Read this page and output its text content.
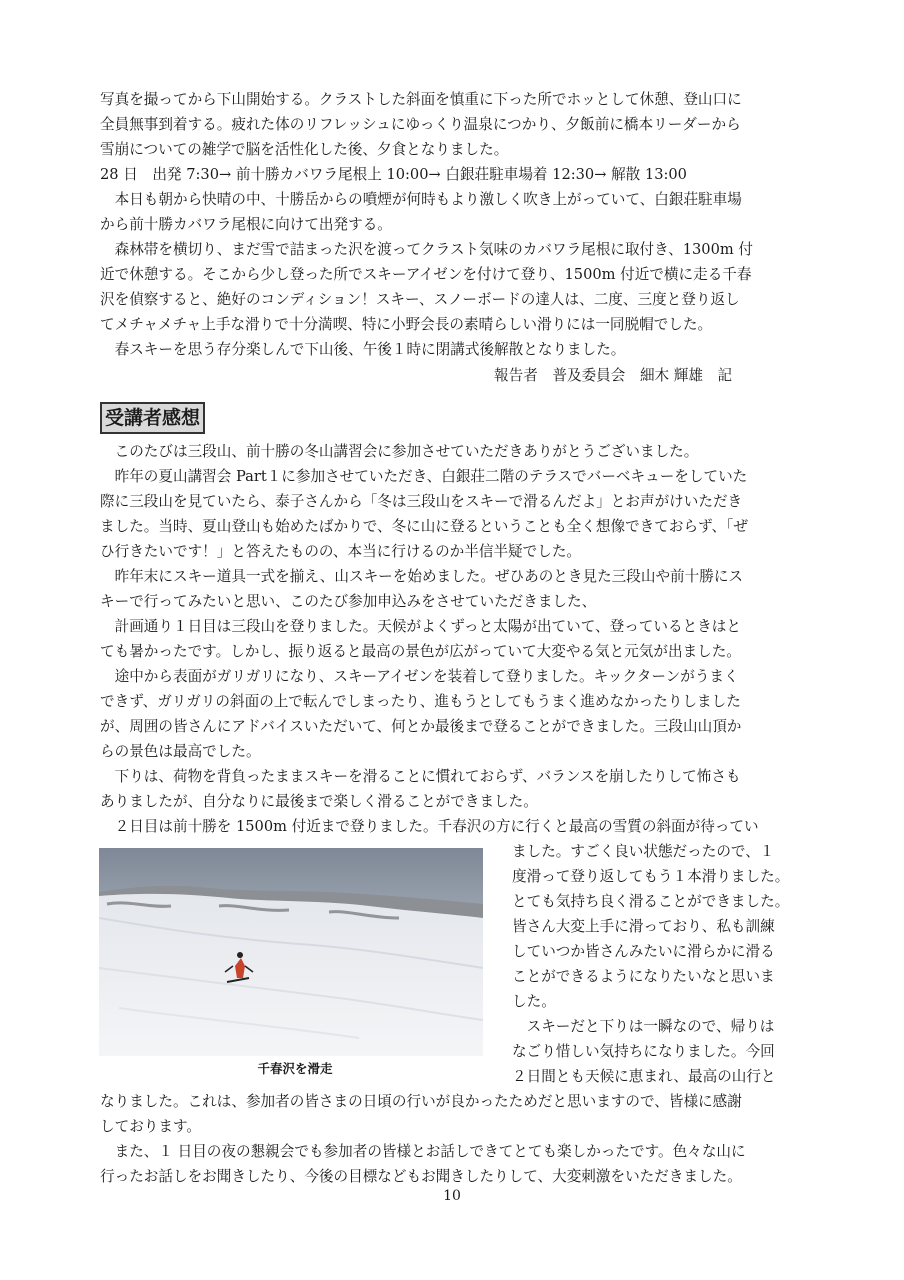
写真を撮ってから下山開始する。クラストした斜面を慎重に下った所でホッとして休憩、登山口に
全員無事到着する。疲れた体のリフレッシュにゆっくり温泉につかり、夕飯前に橋本リーダーから
雪崩についての雑学で脳を活性化した後、夕食となりました。
28 日　出発 7:30→ 前十勝カバワラ尾根上 10:00→ 白銀荘駐車場着 12:30→ 解散 13:00
　本日も朝から快晴の中、十勝岳からの噴煙が何時もより激しく吹き上がっていて、白銀荘駐車場
から前十勝カバワラ尾根に向けて出発する。
　森林帯を横切り、まだ雪で詰まった沢を渡ってクラスト気味のカバワラ尾根に取付き、1300m 付
近で休憩する。そこから少し登った所でスキーアイゼンを付けて登り、1500m 付近で横に走る千春
沢を偵察すると、絶好のコンディション！スキー、スノーボードの達人は、二度、三度と登り返し
てメチャメチャ上手な滑りで十分満喫、特に小野会長の素晴らしい滑りには一同脱帽でした。
　春スキーを思う存分楽しんで下山後、午後１時に閉講式後解散となりました。
報告者　普及委員会　細木 輝雄　記
受講者感想
　このたびは三段山、前十勝の冬山講習会に参加させていただきありがとうございました。
　昨年の夏山講習会 Part１に参加させていただき、白銀荘二階のテラスでバーベキューをしていた
際に三段山を見ていたら、泰子さんから「冬は三段山をスキーで滑るんだよ」とお声がけいただき
ました。当時、夏山登山も始めたばかりで、冬に山に登るということも全く想像できておらず、「ぜ
ひ行きたいです！」と答えたものの、本当に行けるのか半信半疑でした。
　昨年末にスキー道具一式を揃え、山スキーを始めました。ぜひあのとき見た三段山や前十勝にス
キーで行ってみたいと思い、このたび参加申込みをさせていただきました、
　計画通り１日目は三段山を登りました。天候がよくずっと太陽が出ていて、登っているときはと
ても暑かったです。しかし、振り返ると最高の景色が広がっていて大変やる気と元気が出ました。
　途中から表面がガリガリになり、スキーアイゼンを装着して登りました。キックターンがうまく
できず、ガリガリの斜面の上で転んでしまったり、進もうとしてもうまく進めなかったりしました
が、周囲の皆さんにアドバイスいただいて、何とか最後まで登ることができました。三段山山頂か
らの景色は最高でした。
　下りは、荷物を背負ったままスキーを滑ることに慣れておらず、バランスを崩したりして怖さも
ありましたが、自分なりに最後まで楽しく滑ることができました。
　２日目は前十勝を 1500m 付近まで登りました。千春沢の方に行くと最高の雪質の斜面が待ってい
ました。すごく良い状態だったので、１
度滑って登り返してもう１本滑りました。
とても気持ち良く滑ることができました。
皆さん大変上手に滑っており、私も訓練
していつか皆さんみたいに滑らかに滑る
ことができるようになりたいなと思いま
した。
　スキーだと下りは一瞬なので、帰りは
なごり惜しい気持ちになりました。今回
２日間とも天候に恵まれ、最高の山行と
なりました。これは、参加者の皆さまの日頃の行いが良かったためだと思いますので、皆様に感謝
しております。
　また、１ 日目の夜の懇親会でも参加者の皆様とお話しできてとても楽しかったです。色々な山に
行ったお話しをお聞きしたり、今後の目標などもお聞きしたりして、大変刺激をいただきました。
千春沢を滑走
10
